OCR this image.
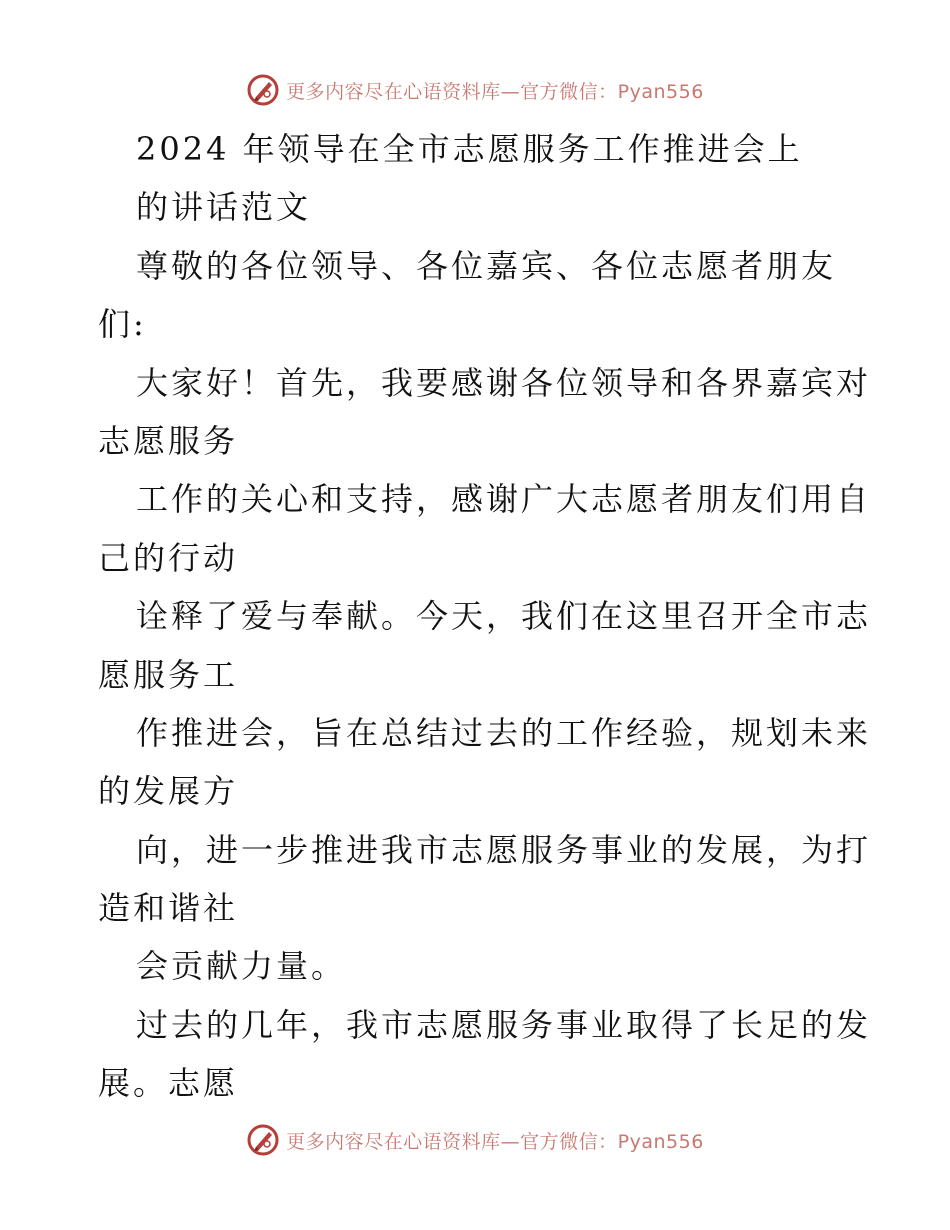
更多内容尽在心语资料库—官方微信：Pyan556
2024 年领导在全市志愿服务工作推进会上
的讲话范文
尊敬的各位领导、各位嘉宾、各位志愿者朋友
们:
大家好！首先，我要感谢各位领导和各界嘉宾对
志愿服务
工作的关心和支持，感谢广大志愿者朋友们用自
己的行动
诠释了爱与奉献。今天，我们在这里召开全市志
愿服务工
作推进会，旨在总结过去的工作经验，规划未来
的发展方
向，进一步推进我市志愿服务事业的发展，为打
造和谐社
会贡献力量。
过去的几年，我市志愿服务事业取得了长足的发
展。志愿
更多内容尽在心语资料库—官方微信：Pyan556
